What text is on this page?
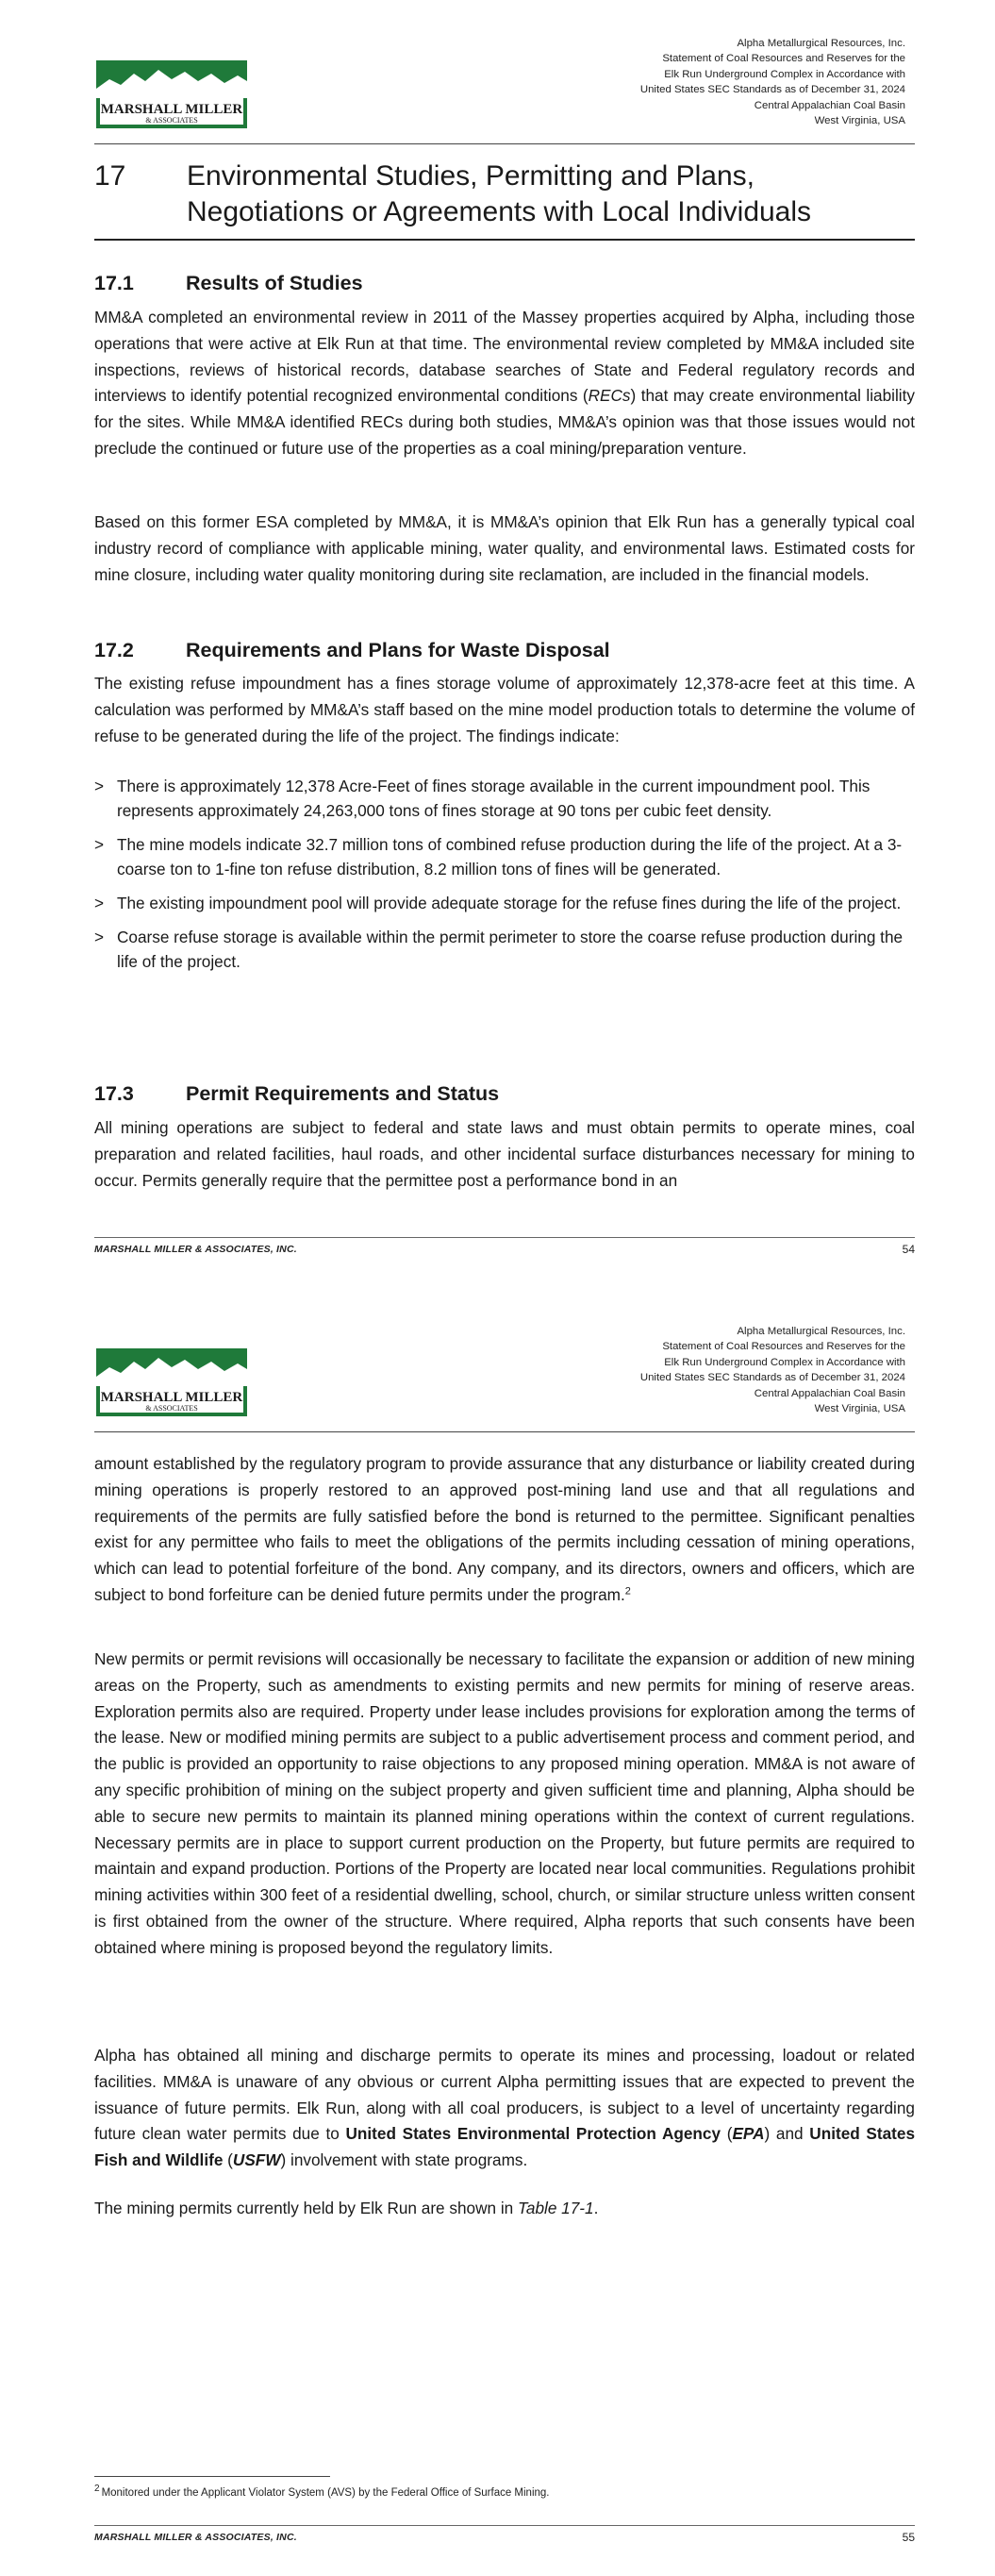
MARSHALL MILLER
& ASSOCIATES
Alpha Metallurgical Resources, Inc.
Statement of Coal Resources and Reserves for the
Elk Run Underground Complex in Accordance with
United States SEC Standards as of December 31, 2024
Central Appalachian Coal Basin
West Virginia, USA
17 Environmental Studies, Permitting and Plans, Negotiations or Agreements with Local Individuals
17.1	Results of Studies

MM&A completed an environmental review in 2011 of the Massey properties acquired by Alpha, including those operations that were active at Elk Run at that time. The environmental review completed by MM&A included site inspections, reviews of historical records, database searches of State and Federal regulatory records and interviews to identify potential recognized environmental conditions (RECs) that may create environmental liability for the sites. While MM&A identified RECs during both studies, MM&A’s opinion was that those issues would not preclude the continued or future use of the properties as a coal mining/preparation venture.

Based on this former ESA completed by MM&A, it is MM&A’s opinion that Elk Run has a generally typical coal industry record of compliance with applicable mining, water quality, and environmental laws. Estimated costs for mine closure, including water quality monitoring during site reclamation, are included in the financial models.

17.2	Requirements and Plans for Waste Disposal

The existing refuse impoundment has a fines storage volume of approximately 12,378-acre feet at this time. A calculation was performed by MM&A’s staff based on the mine model production totals to determine the volume of refuse to be generated during the life of the project. The findings indicate:

> There is approximately 12,378 Acre-Feet of fines storage available in the current impoundment pool. This represents approximately 24,263,000 tons of fines storage at 90 tons per cubic feet density.
> The mine models indicate 32.7 million tons of combined refuse production during the life of the project. At a 3-coarse ton to 1-fine ton refuse distribution, 8.2 million tons of fines will be generated.
> The existing impoundment pool will provide adequate storage for the refuse fines during the life of the project.
> Coarse refuse storage is available within the permit perimeter to store the coarse refuse production during the life of the project.
17.3	Permit Requirements and Status

All mining operations are subject to federal and state laws and must obtain permits to operate mines, coal preparation and related facilities, haul roads, and other incidental surface disturbances necessary for mining to occur. Permits generally require that the permittee post a performance bond in an

MARSHALL MILLER & ASSOCIATES, INC.	54
MARSHALL MILLER
& ASSOCIATES
Alpha Metallurgical Resources, Inc.
Statement of Coal Resources and Reserves for the
Elk Run Underground Complex in Accordance with
United States SEC Standards as of December 31, 2024
Central Appalachian Coal Basin
West Virginia, USA

amount established by the regulatory program to provide assurance that any disturbance or liability created during mining operations is properly restored to an approved post-mining land use and that all regulations and requirements of the permits are fully satisfied before the bond is returned to the permittee. Significant penalties exist for any permittee who fails to meet the obligations of the permits including cessation of mining operations, which can lead to potential forfeiture of the bond. Any company, and its directors, owners and officers, which are subject to bond forfeiture can be denied future permits under the program.$^2$

New permits or permit revisions will occasionally be necessary to facilitate the expansion or addition of new mining areas on the Property, such as amendments to existing permits and new permits for mining of reserve areas. Exploration permits also are required. Property under lease includes provisions for exploration among the terms of the lease. New or modified mining permits are subject to a public advertisement process and comment period, and the public is provided an opportunity to raise objections to any proposed mining operation. MM&A is not aware of any specific prohibition of mining on the subject property and given sufficient time and planning, Alpha should be able to secure new permits to maintain its planned mining operations within the context of current regulations. Necessary permits are in place to support current production on the Property, but future permits are required to maintain and expand production. Portions of the Property are located near local communities. Regulations prohibit mining activities within 300 feet of a residential dwelling, school, church, or similar structure unless written consent is first obtained from the owner of the structure. Where required, Alpha reports that such consents have been obtained where mining is proposed beyond the regulatory limits.

Alpha has obtained all mining and discharge permits to operate its mines and processing, loadout or related facilities. MM&A is unaware of any obvious or current Alpha permitting issues that are expected to prevent the issuance of future permits. Elk Run, along with all coal producers, is subject to a level of uncertainty regarding future clean water permits due to United States Environmental Protection Agency (EPA) and United States Fish and Wildlife (USFW) involvement with state programs.

The mining permits currently held by Elk Run are shown in Table 17-1.

$^2$ Monitored under the Applicant Violator System (AVS) by the Federal Office of Surface Mining.
MARSHALL MILLER & ASSOCIATES, INC.	55
